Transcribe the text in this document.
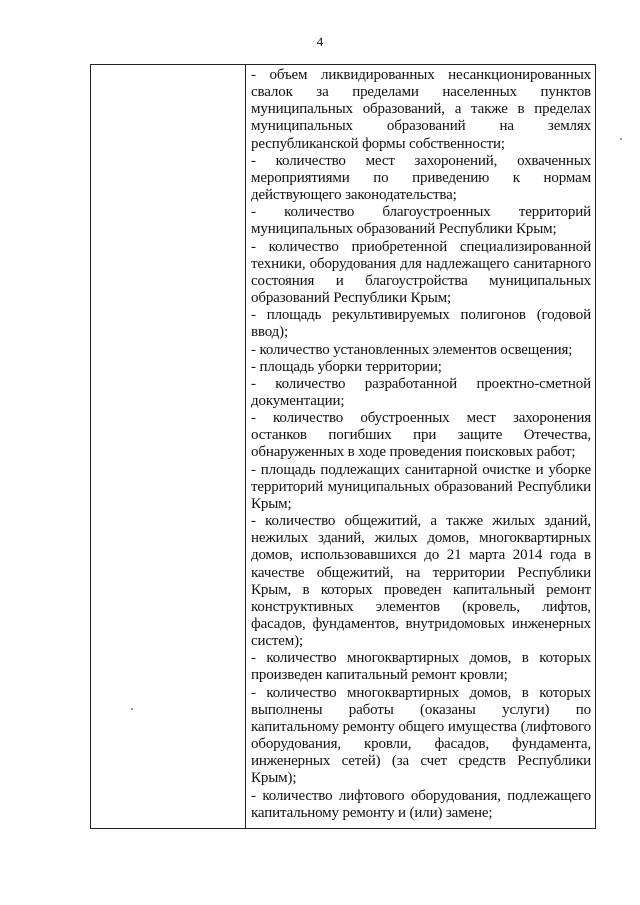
4

- объем ликвидированных несанкционированных свалок за пределами населенных пунктов муниципальных образований, а также в пределах муниципальных образований на землях республиканской формы собственности;

- количество мест захоронений, охваченных мероприятиями по приведению к нормам действующего законодательства;

- количество благоустроенных территорий муниципальных образований Республики Крым;

- количество приобретенной специализированной техники, оборудования для надлежащего санитарного состояния и благоустройства муниципальных образований Республики Крым;

- площадь рекультивируемых полигонов (годовой ввод);

- количество установленных элементов освещения;

- площадь уборки территории;

- количество разработанной проектно-сметной документации;

- количество обустроенных мест захоронения останков погибших при защите Отечества, обнаруженных в ходе проведения поисковых работ;

- площадь подлежащих санитарной очистке и уборке территорий муниципальных образований Республики Крым;

- количество общежитий, а также жилых зданий, нежилых зданий, жилых домов, многоквартирных домов, использовавшихся до 21 марта 2014 года в качестве общежитий, на территории Республики Крым, в которых проведен капитальный ремонт конструктивных элементов (кровель, лифтов, фасадов, фундаментов, внутридомовых инженерных систем);

- количество многоквартирных домов, в которых произведен капитальный ремонт кровли;

- количество многоквартирных домов, в которых выполнены работы (оказаны услуги) по капитальному ремонту общего имущества (лифтового оборудования, кровли, фасадов, фундамента, инженерных сетей) (за счет средств Республики Крым);

- количество лифтового оборудования, подлежащего капитальному ремонту и (или) замене;
